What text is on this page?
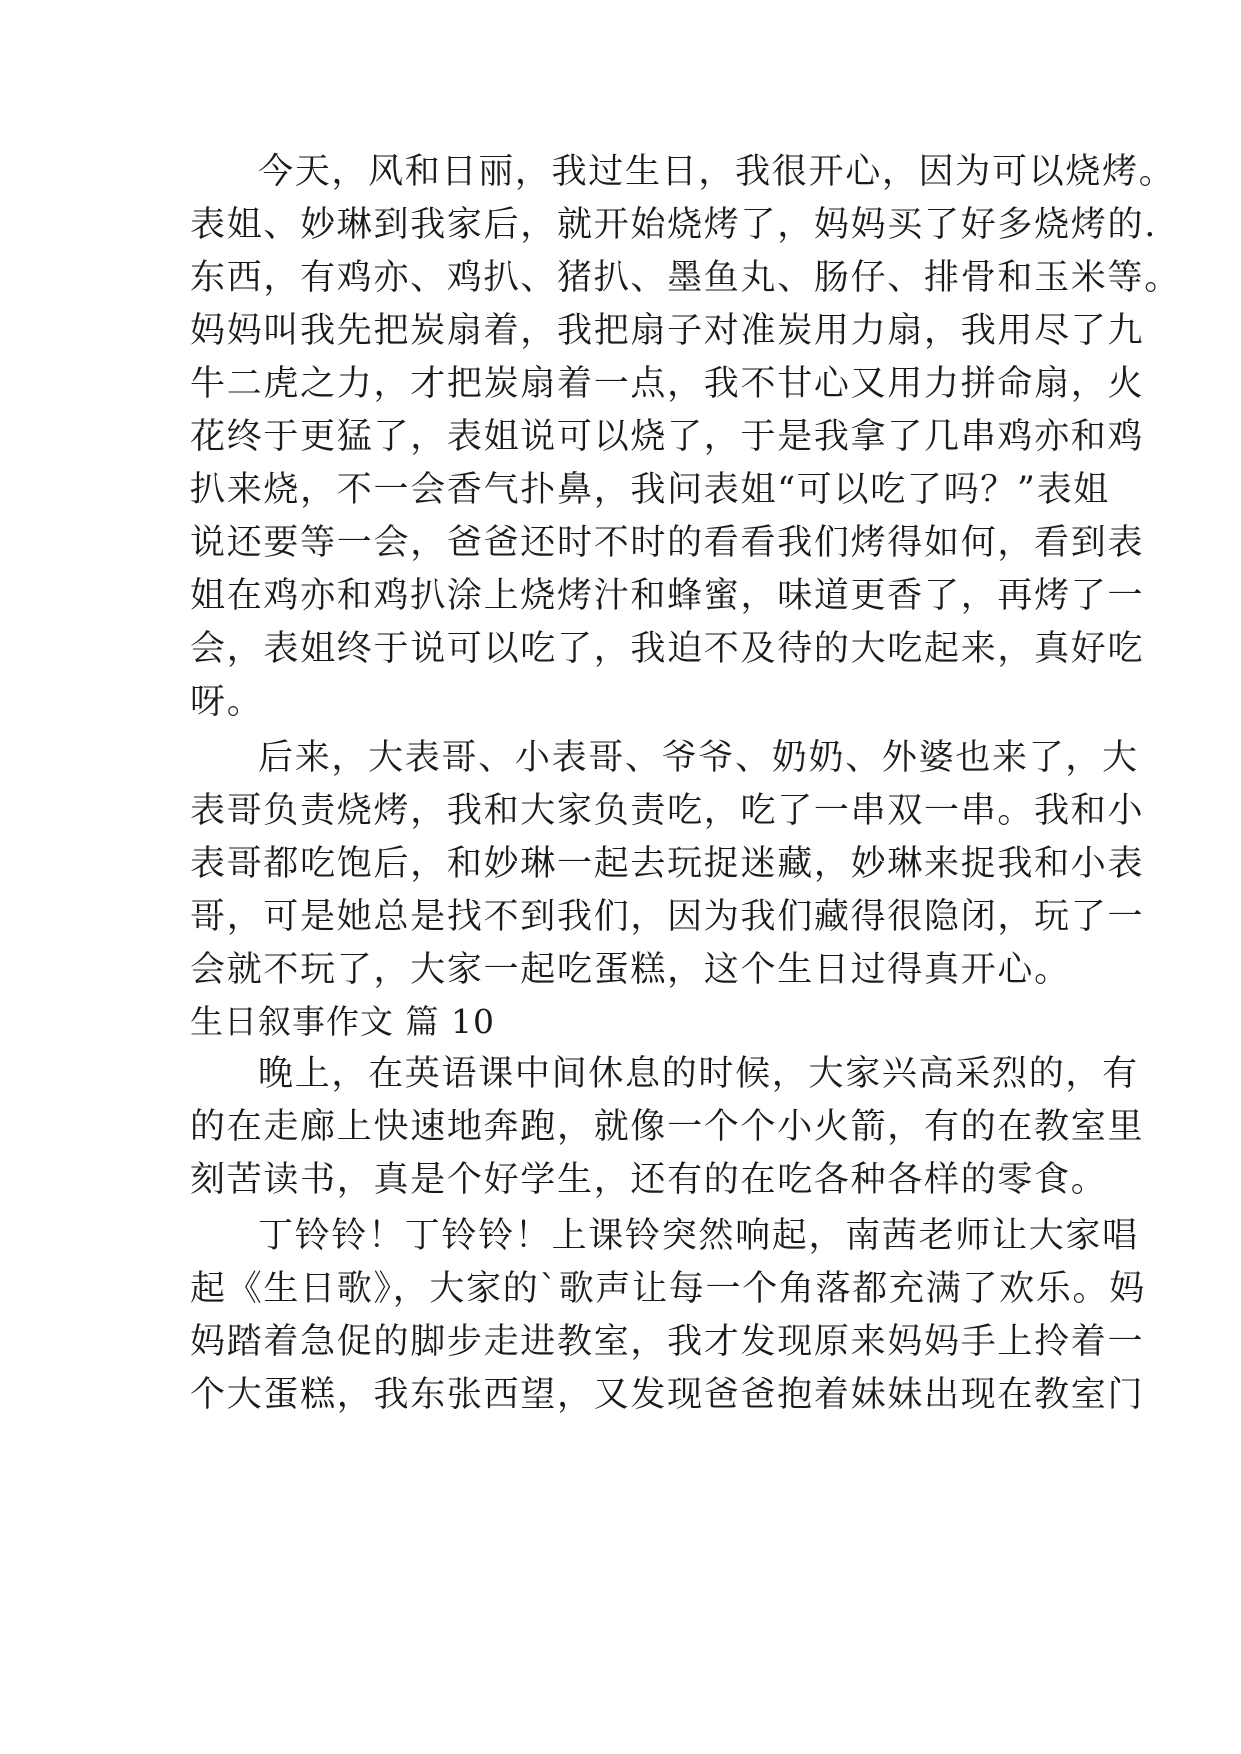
今天，风和日丽，我过生日，我很开心，因为可以烧烤。
表姐、妙琳到我家后，就开始烧烤了，妈妈买了好多烧烤的.
东西，有鸡亦、鸡扒、猪扒、墨鱼丸、肠仔、排骨和玉米等。
妈妈叫我先把炭扇着，我把扇子对准炭用力扇，我用尽了九
牛二虎之力，才把炭扇着一点，我不甘心又用力拼命扇，火
花终于更猛了，表姐说可以烧了，于是我拿了几串鸡亦和鸡
扒来烧，不一会香气扑鼻，我问表姐“可以吃了吗？”表姐
说还要等一会，爸爸还时不时的看看我们烤得如何，看到表
姐在鸡亦和鸡扒涂上烧烤汁和蜂蜜，味道更香了，再烤了一
会，表姐终于说可以吃了，我迫不及待的大吃起来，真好吃
呀。
后来，大表哥、小表哥、爷爷、奶奶、外婆也来了，大
表哥负责烧烤，我和大家负责吃，吃了一串双一串。我和小
表哥都吃饱后，和妙琳一起去玩捉迷藏，妙琳来捉我和小表
哥，可是她总是找不到我们，因为我们藏得很隐闭，玩了一
会就不玩了，大家一起吃蛋糕，这个生日过得真开心。
生日叙事作文 篇 10
晚上，在英语课中间休息的时候，大家兴高采烈的，有
的在走廊上快速地奔跑，就像一个个小火箭，有的在教室里
刻苦读书，真是个好学生，还有的在吃各种各样的零食。
丁铃铃！丁铃铃！上课铃突然响起，南茜老师让大家唱
起《生日歌》，大家的`歌声让每一个角落都充满了欢乐。妈
妈踏着急促的脚步走进教室，我才发现原来妈妈手上拎着一
个大蛋糕，我东张西望，又发现爸爸抱着妹妹出现在教室门
